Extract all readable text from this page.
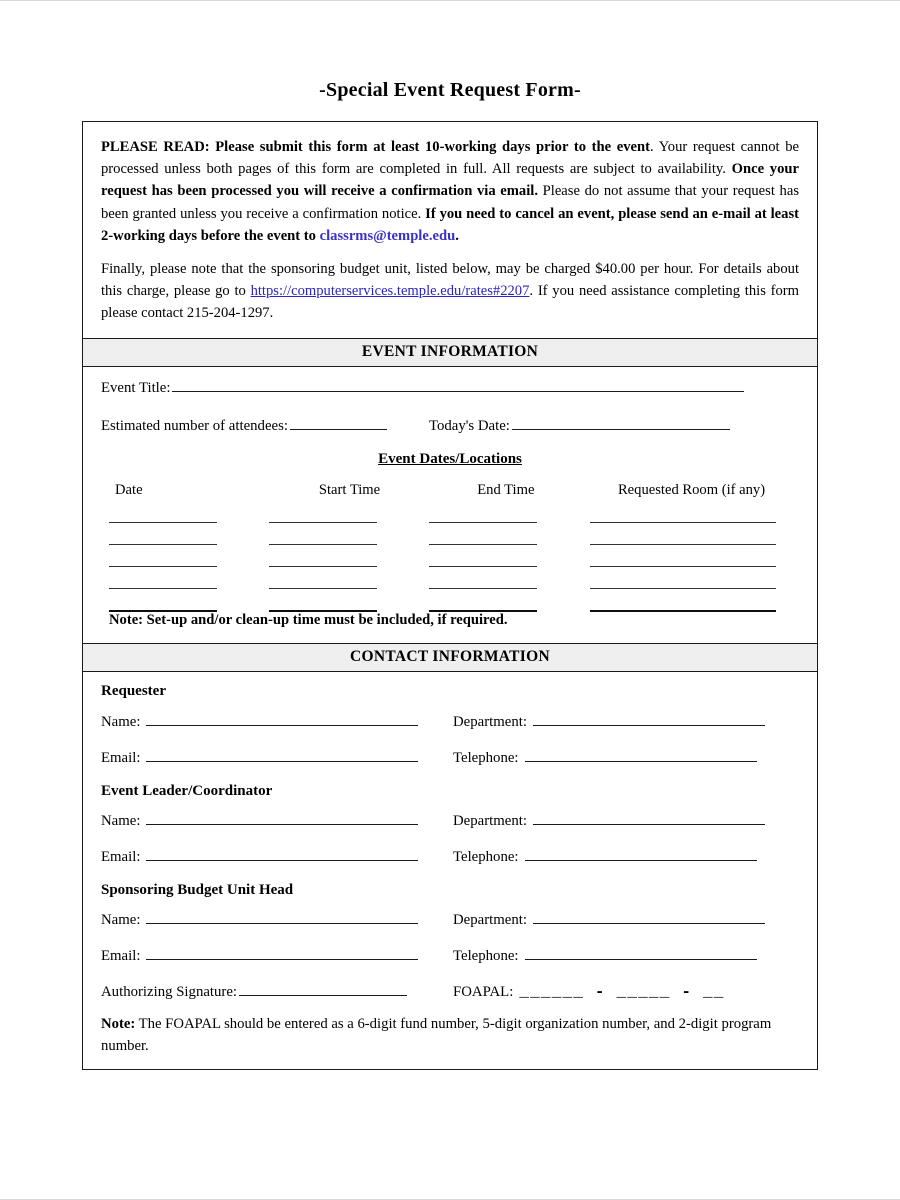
-Special Event Request Form-

PLEASE READ: Please submit this form at least 10-working days prior to the event. Your request cannot be processed unless both pages of this form are completed in full. All requests are subject to availability. Once your request has been processed you will receive a confirmation via email. Please do not assume that your request has been granted unless you receive a confirmation notice. If you need to cancel an event, please send an e-mail at least 2-working days before the event to classrms@temple.edu.

Finally, please note that the sponsoring budget unit, listed below, may be charged $40.00 per hour. For details about this charge, please go to https://computerservices.temple.edu/rates#2207. If you need assistance completing this form please contact 215-204-1297.

EVENT INFORMATION
Event Title:
Estimated number of attendees:	Today's Date:
Event Dates/Locations
Date	Start Time	End Time	Requested Room (if any)
Note: Set-up and/or clean-up time must be included, if required.
CONTACT INFORMATION
Requester
Name:	Department:
Email:	Telephone:
Event Leader/Coordinator
Name:	Department:
Email:	Telephone:
Sponsoring Budget Unit Head
Name:	Department:
Email:	Telephone:
Authorizing Signature:	FOAPAL: ______ - _____ - __
Note: The FOAPAL should be entered as a 6-digit fund number, 5-digit organization number, and 2-digit program number.
